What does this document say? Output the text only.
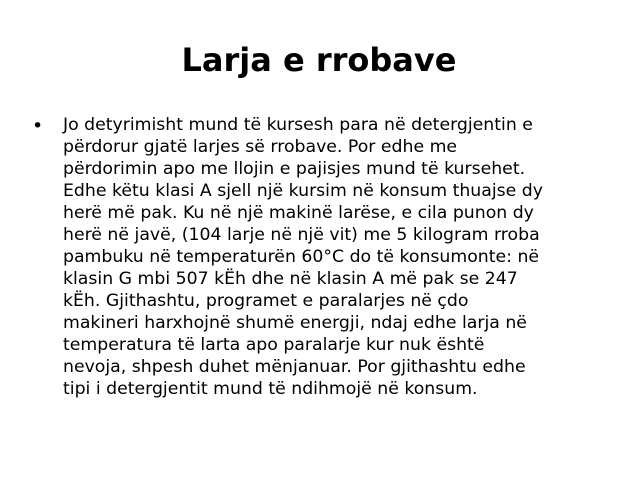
Larja e rrobave
• Jo detyrimisht mund të kursesh para në detergjentin e
përdorur gjatë larjes së rrobave. Por edhe me
përdorimin apo me llojin e pajisjes mund të kursehet.
Edhe këtu klasi A sjell një kursim në konsum thuajse dy
herë më pak. Ku në një makinë larëse, e cila punon dy
herë në javë, (104 larje në një vit) me 5 kilogram rroba
pambuku në temperaturën 60°C do të konsumonte: në
klasin G mbi 507 kËh dhe në klasin A më pak se 247
kËh. Gjithashtu, programet e paralarjes në çdo
makineri harxhojnë shumë energji, ndaj edhe larja në
temperatura të larta apo paralarje kur nuk është
nevoja, shpesh duhet mënjanuar. Por gjithashtu edhe
tipi i detergjentit mund të ndihmojë në konsum.
